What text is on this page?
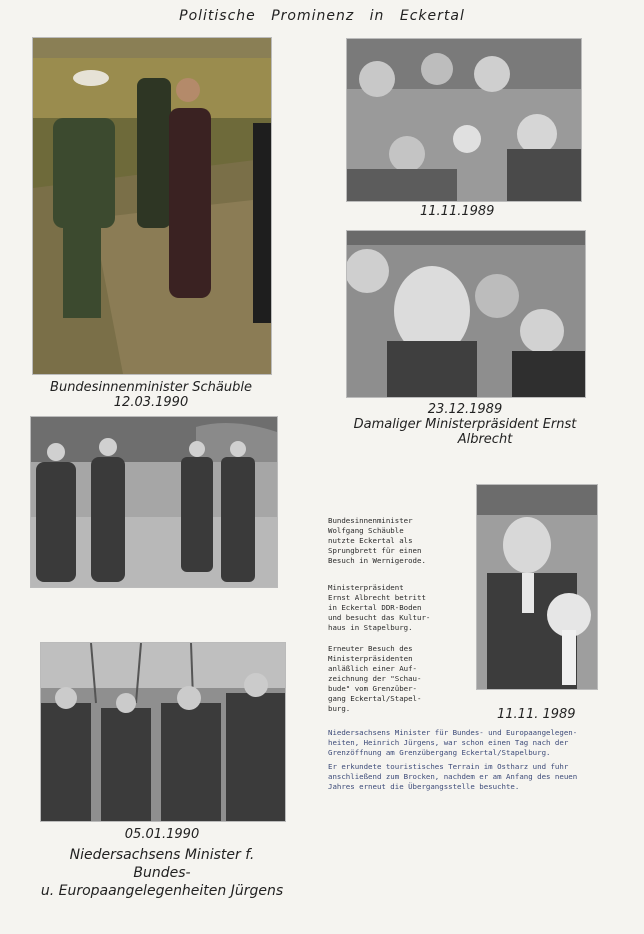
Politische Prominenz in Eckertal
Bundesinnenminister Schäuble
12.03.1990
11.11.1989
23.12.1989
Damaliger Ministerpräsident Ernst
Albrecht
Bundesinnenminister
Wolfgang Schäuble
nutzte Eckertal als
Sprungbrett für einen
Besuch in Wernigerode.
Ministerpräsident
Ernst Albrecht betritt
in Eckertal DDR-Boden
und besucht das Kultur-
haus in Stapelburg.
Erneuter Besuch des
Ministerpräsidenten
anläßlich einer Auf-
zeichnung der "Schau-
bude" vom Grenzüber-
gang Eckertal/Stapel-
burg.	11.11. 1989
Niedersachsens Minister für Bundes- und Europaangelegen-
heiten, Heinrich Jürgens, war schon einen Tag nach der
Grenzöffnung am Grenzübergang Eckertal/Stapelburg.
Er erkundete touristisches Terrain im Ostharz und fuhr
anschließend zum Brocken, nachdem er am Anfang des neuen
Jahres erneut die Übergangsstelle besuchte.
05.01.1990
Niedersachsens Minister f. Bundes-
u. Europaangelegenheiten Jürgens
